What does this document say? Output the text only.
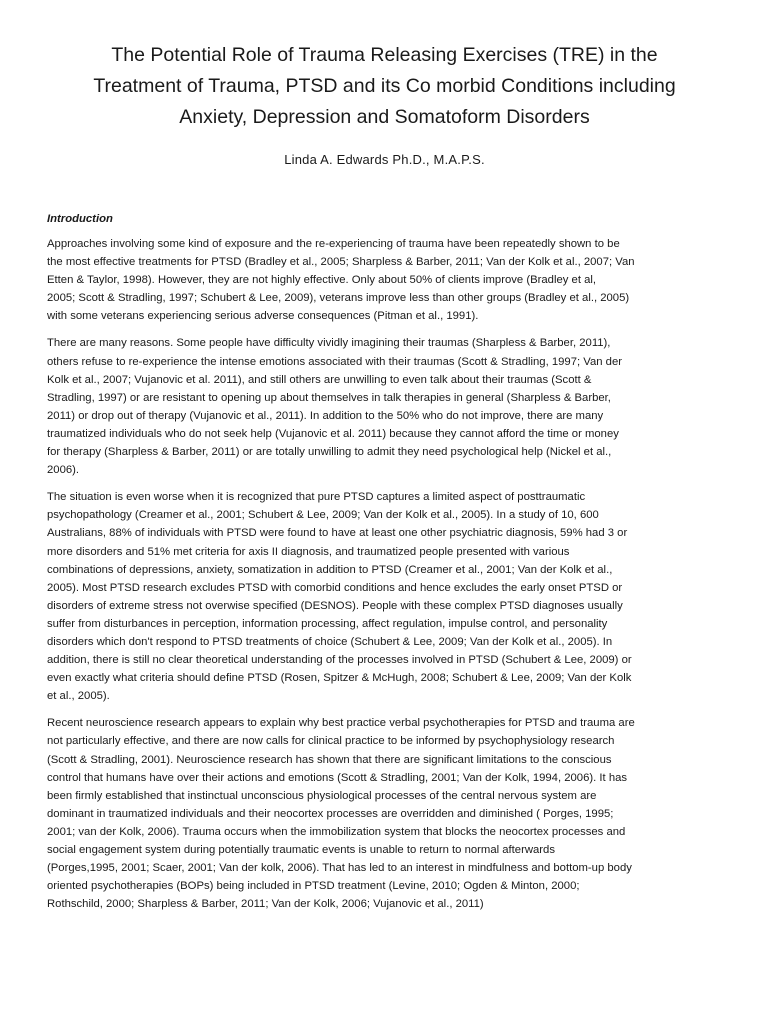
The Potential Role of Trauma Releasing Exercises (TRE) in the
Treatment of Trauma, PTSD and its Co morbid Conditions including
Anxiety, Depression and Somatoform Disorders
Linda A. Edwards Ph.D., M.A.P.S.
Introduction
Approaches involving some kind of exposure and the re-experiencing of trauma have been repeatedly shown to be
the most effective treatments for PTSD (Bradley et al., 2005; Sharpless & Barber, 2011; Van der Kolk et al., 2007; Van
Etten & Taylor, 1998). However, they are not highly effective. Only about 50% of clients improve (Bradley et al,
2005; Scott & Stradling, 1997; Schubert & Lee, 2009), veterans improve less than other groups (Bradley et al., 2005)
with some veterans experiencing serious adverse consequences (Pitman et al., 1991).
There are many reasons. Some people have difficulty vividly imagining their traumas (Sharpless & Barber, 2011),
others refuse to re-experience the intense emotions associated with their traumas (Scott & Stradling, 1997; Van der
Kolk et al., 2007; Vujanovic et al. 2011), and still others are unwilling to even talk about their traumas (Scott &
Stradling, 1997) or are resistant to opening up about themselves in talk therapies in general (Sharpless & Barber,
2011) or drop out of therapy (Vujanovic et al., 2011). In addition to the 50% who do not improve, there are many
traumatized individuals who do not seek help (Vujanovic et al. 2011) because they cannot afford the time or money
for therapy (Sharpless & Barber, 2011) or are totally unwilling to admit they need psychological help (Nickel et al.,
2006).
The situation is even worse when it is recognized that pure PTSD captures a limited aspect of posttraumatic
psychopathology (Creamer et al., 2001; Schubert & Lee, 2009; Van der Kolk et al., 2005). In a study of 10, 600
Australians, 88% of individuals with PTSD were found to have at least one other psychiatric diagnosis, 59% had 3 or
more disorders and 51% met criteria for axis II diagnosis, and traumatized people presented with various
combinations of depressions, anxiety, somatization in addition to PTSD (Creamer et al., 2001; Van der Kolk et al.,
2005). Most PTSD research excludes PTSD with comorbid conditions and hence excludes the early onset PTSD or
disorders of extreme stress not overwise specified (DESNOS). People with these complex PTSD diagnoses usually
suffer from disturbances in perception, information processing, affect regulation, impulse control, and personality
disorders which don't respond to PTSD treatments of choice (Schubert & Lee, 2009; Van der Kolk et al., 2005). In
addition, there is still no clear theoretical understanding of the processes involved in PTSD (Schubert & Lee, 2009) or
even exactly what criteria should define PTSD (Rosen, Spitzer & McHugh, 2008; Schubert & Lee, 2009; Van der Kolk
et al., 2005).
Recent neuroscience research appears to explain why best practice verbal psychotherapies for PTSD and trauma are
not particularly effective, and there are now calls for clinical practice to be informed by psychophysiology research
(Scott & Stradling, 2001). Neuroscience research has shown that there are significant limitations to the conscious
control that humans have over their actions and emotions (Scott & Stradling, 2001; Van der Kolk, 1994, 2006). It has
been firmly established that instinctual unconscious physiological processes of the central nervous system are
dominant in traumatized individuals and their neocortex processes are overridden and diminished ( Porges, 1995;
2001; van der Kolk, 2006). Trauma occurs when the immobilization system that blocks the neocortex processes and
social engagement system during potentially traumatic events is unable to return to normal afterwards
(Porges,1995, 2001; Scaer, 2001; Van der kolk, 2006). That has led to an interest in mindfulness and bottom-up body
oriented psychotherapies (BOPs) being included in PTSD treatment (Levine, 2010; Ogden & Minton, 2000;
Rothschild, 2000; Sharpless & Barber, 2011; Van der Kolk, 2006; Vujanovic et al., 2011)
